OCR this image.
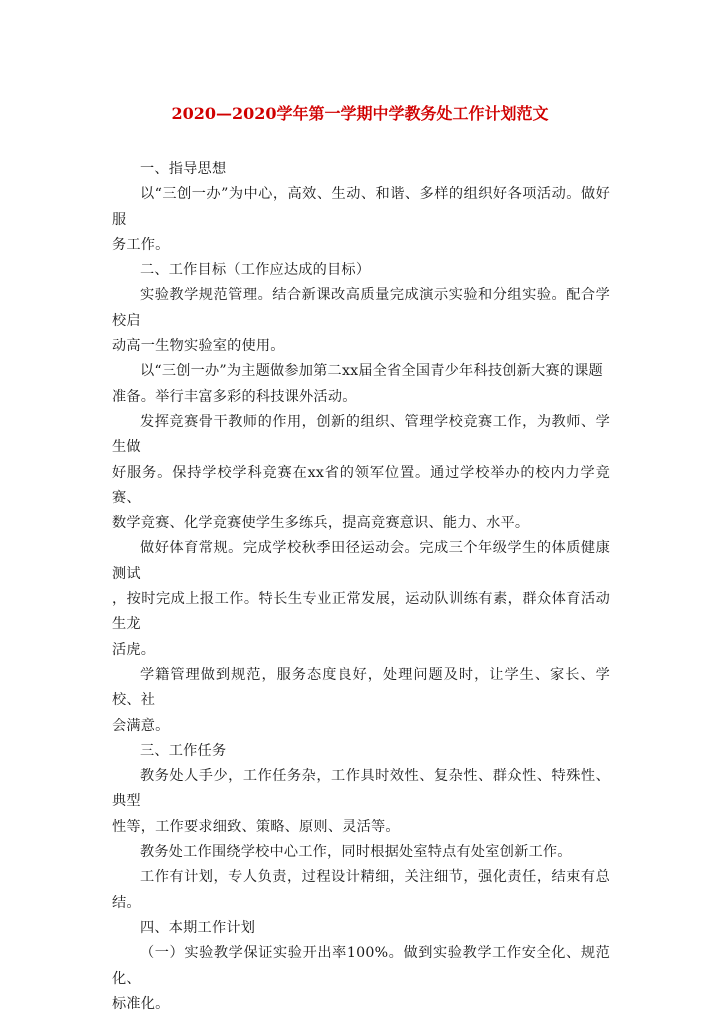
2020—2020学年第一学期中学教务处工作计划范文
一、指导思想
以“三创一办”为中心，高效、生动、和谐、多样的组织好各项活动。做好服
务工作。
二、工作目标（工作应达成的目标）
实验教学规范管理。结合新课改高质量完成演示实验和分组实验。配合学校启
动高一生物实验室的使用。
以“三创一办”为主题做参加第二xx届全省全国青少年科技创新大赛的课题
准备。举行丰富多彩的科技课外活动。
发挥竞赛骨干教师的作用，创新的组织、管理学校竞赛工作，为教师、学生做
好服务。保持学校学科竞赛在xx省的领军位置。通过学校举办的校内力学竞赛、
数学竞赛、化学竞赛使学生多练兵，提高竞赛意识、能力、水平。
做好体育常规。完成学校秋季田径运动会。完成三个年级学生的体质健康测试
，按时完成上报工作。特长生专业正常发展，运动队训练有素，群众体育活动生龙
活虎。
学籍管理做到规范，服务态度良好，处理问题及时，让学生、家长、学校、社
会满意。
三、工作任务
教务处人手少，工作任务杂，工作具时效性、复杂性、群众性、特殊性、典型
性等，工作要求细致、策略、原则、灵活等。
教务处工作围绕学校中心工作，同时根据处室特点有处室创新工作。
工作有计划，专人负责，过程设计精细，关注细节，强化责任，结束有总结。
四、本期工作计划
（一）实验教学保证实验开出率100%。做到实验教学工作安全化、规范化、
标准化。
